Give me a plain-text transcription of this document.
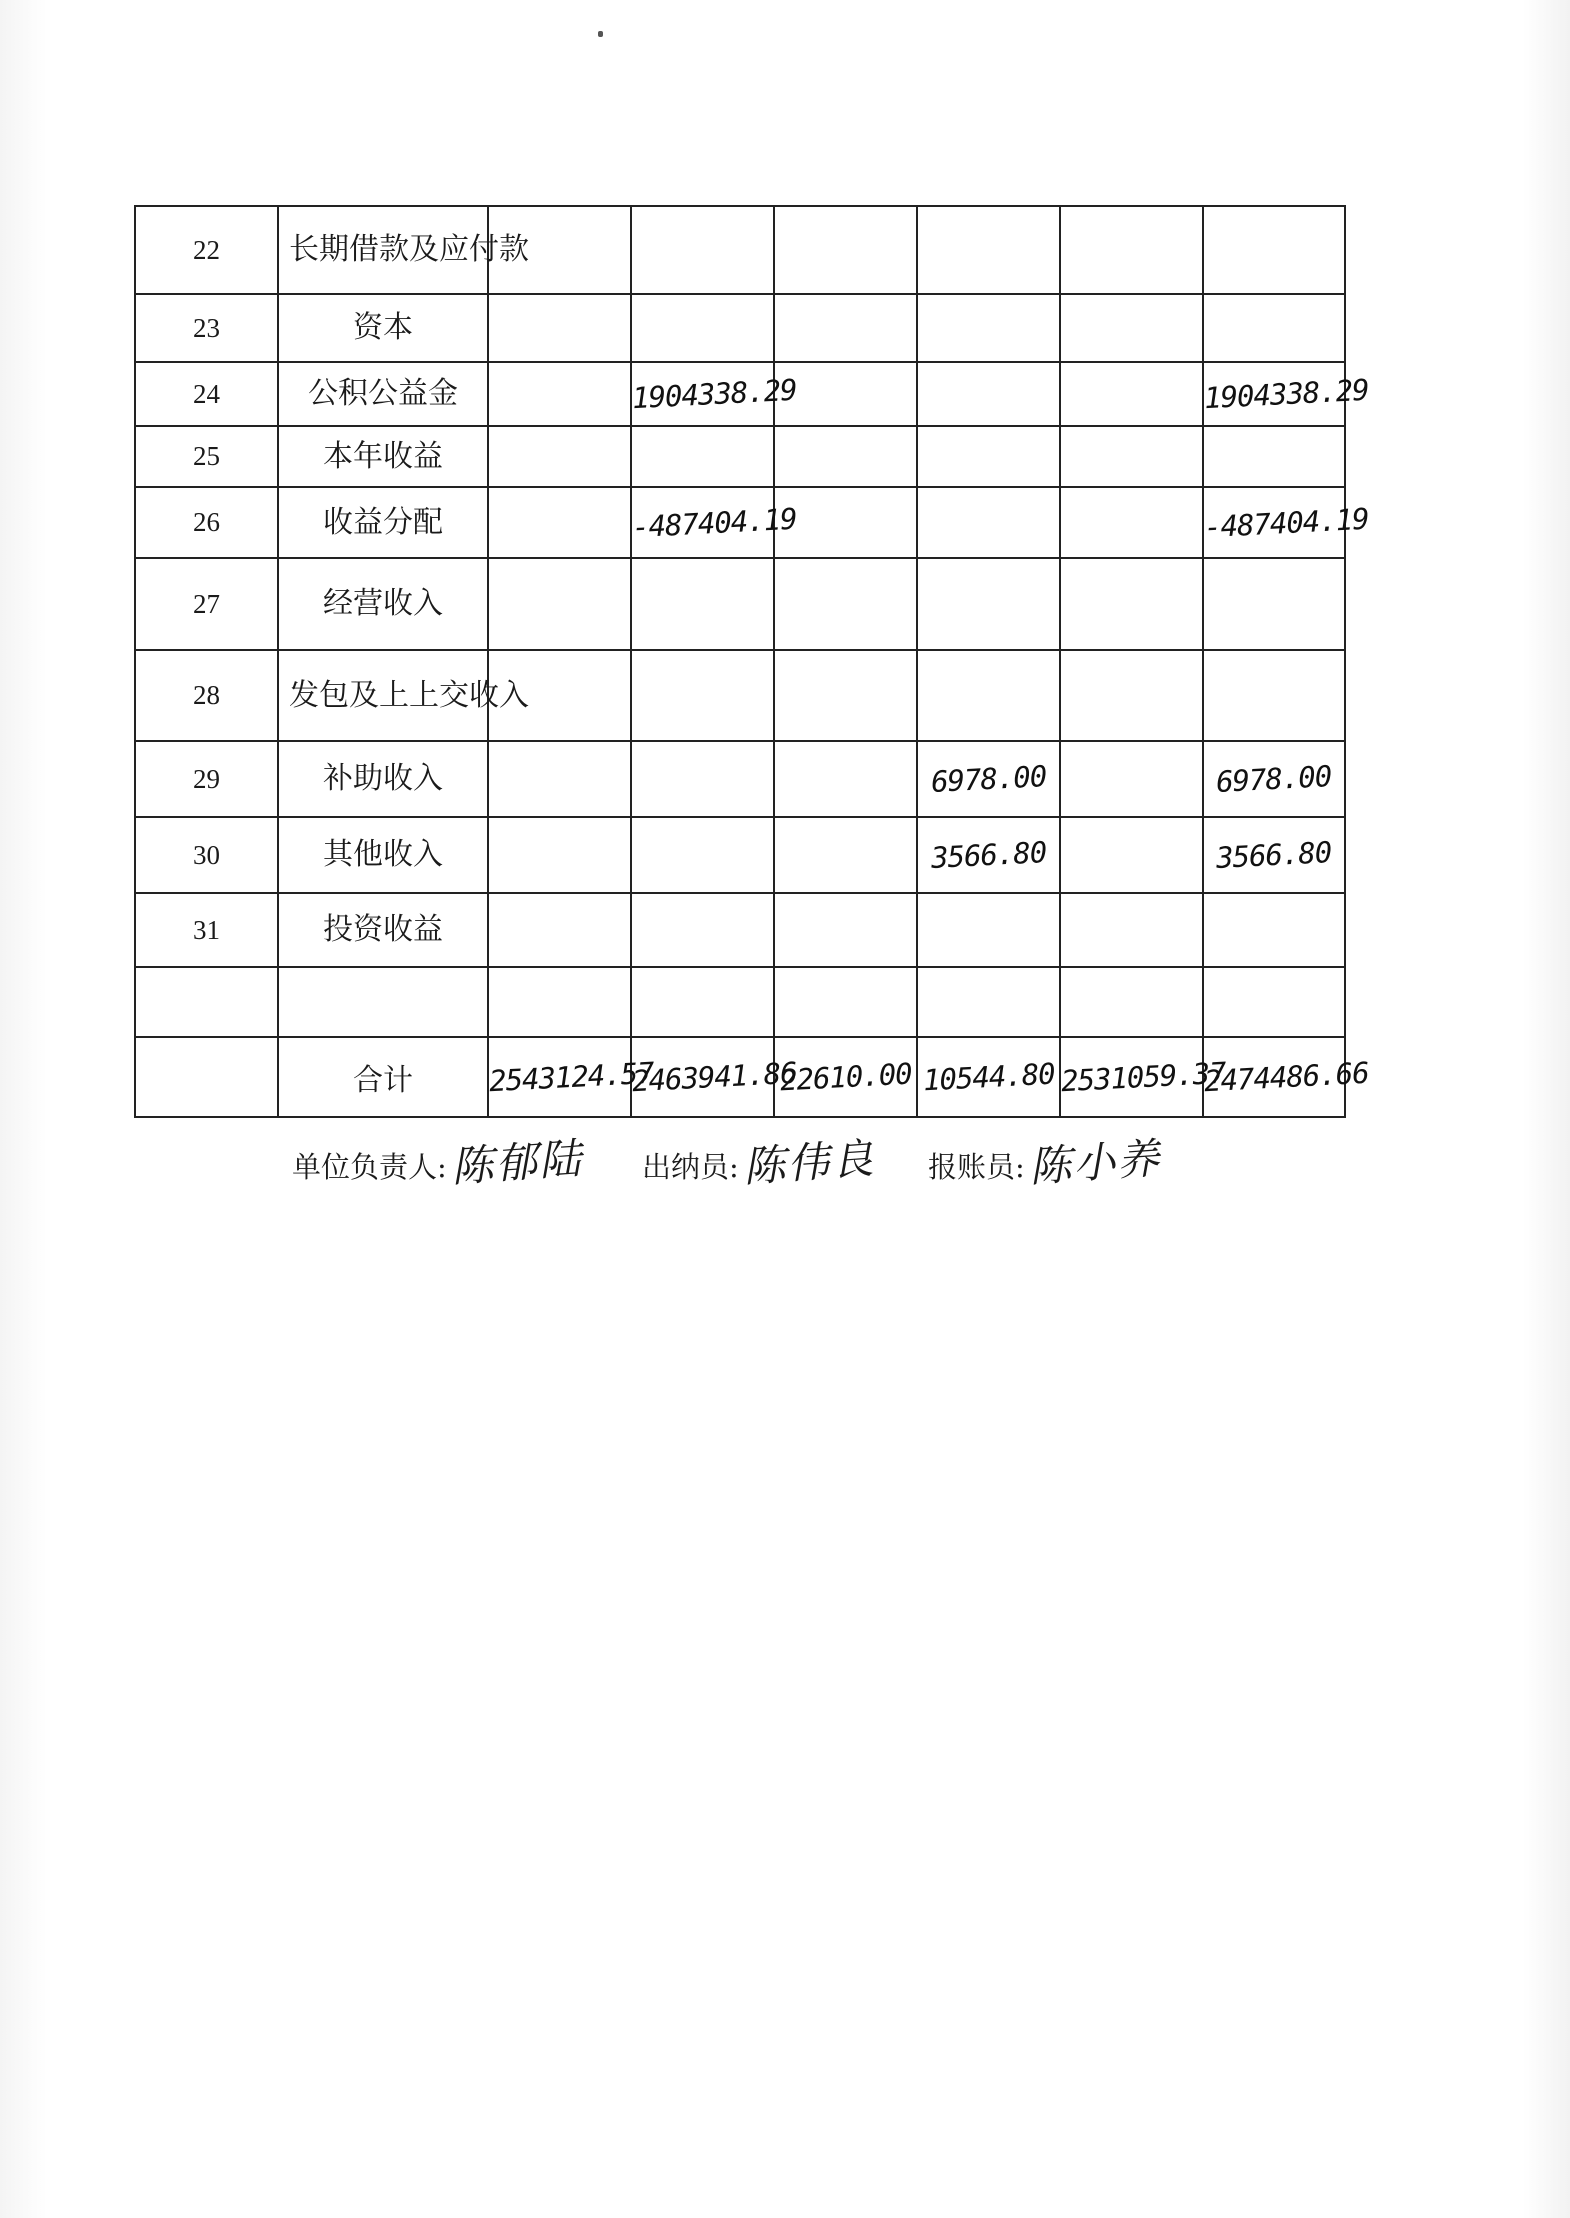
22	长期借款及应付款						
23	资本						
24	公积公益金		1904338.29				1904338.29
25	本年收益						
26	收益分配		-487404.19				-487404.19
27	经营收入						
28	发包及上上交收入						
29	补助收入				6978.00		6978.00
30	其他收入				3566.80		3566.80
31	投资收益						

	合计	2543124.57	2463941.86	22610.00	10544.80	2531059.37	2474486.66
单位负责人: 陈郁陆 出纳员: 陈伟良 报账员: 陈小养
